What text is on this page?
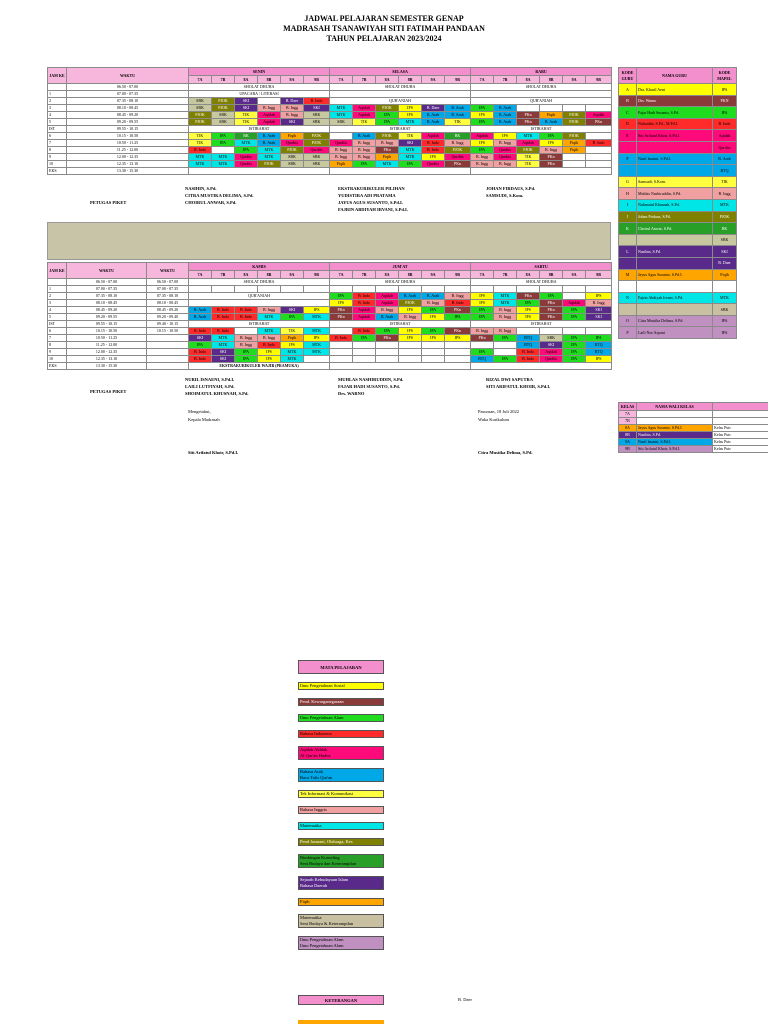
JADWAL PELAJARAN SEMESTER GENAP
MADRASAH TSANAWIYAH SITI FATIMAH PANDAAN
TAHUN PELAJARAN 2023/2024
JAM KE	WAKTU	SENIN						SELASA						RABU					
		7A	7B	8A	8B	9A	9B	7A	7B	8A	8B	9A	9B	7A	7B	8A	8B	9A	9B
	06.50 - 07.00	SHOLAT DHUHA						SHOLAT DHUHA						SHOLAT DHUHA					
1	07.00 - 07.35	UPACARA / LITERASI																	
2	07.35 - 08.10	SBK	PJOK	SKI		B. Daer	B. Indo	QUR'ANIAH						QUR'ANIAH					
3	08.10 - 08.45	SBK	PJOK	SKI	B. Ingg	B. Ingg	SKI	MTK	Aqidah	PJOK	IPS	B. Daer	B. Arab	IPA	B. Arab				
4	08.45 - 09.20	PJOK	SBK	TIK	Aqidah	B. Ingg	SBK	MTK	Aqidah	IPA	IPS	B. Arab	B. Arab	IPS	B. Arab	PKn	Fiqih	PJOK	Aqidah
5	09.20 - 09.55	PJOK	SBK	TIK	Aqidah	SKI	SBK	SBK	TIK	IPA	MTK	B. Arab	TIK	IPA	B. Arab	PKn	B. Arab	PJOK	PKn
IST	09.55 - 10.15	ISTIRAHAT						ISTIRAHAT						ISTIRAHAT					
6	10.15 - 10.50	TIK	IPA	BK	B. Arab	Fiqih	PJOK		B. Arab	PJOK	TIK	Aqidah	BK	Aqidah	IPS	MTK	IPA	PJOK	
7	10.50 - 11.25	TIK	IPA	MTK	B. Arab	Qurdits	PJOK	Qurdits	B. Ingg	B. Ingg	SKI	B. Indo	B. Ingg	IPS	B. Ingg	Aqidah	IPS	Fiqih	B. Indo
8	11.25 - 12.00	B. Indo		IPA	MTK	PJOK	Qurdits	B. Ingg	B. Ingg	PKn	MTK	B. Indo	PJOK	IPA	Qurdits	PJOK	B. Ingg	Fiqih	
9	12.00 - 12.35	MTK	MTK	Qurdits	MTK	SBK	SBK	B. Ingg	B. Ingg	Fiqih	MTK	IPS	Qurdits	B. Ingg	Qurdits	TIK	PKn		
10	12.35 - 13.10	MTK	MTK	Qurdits	PJOK	SBK	SBK	Fiqih	IPA	MTK	IPA	Qurdits	PKn	B. Ingg	B. Ingg	TIK	PKn		
EKS	13.30 - 15.30																		
PETUGAS PIKET
NASIHIN, S.Pd.	EKSTRAKURIKULER PILIHAN	JOHAN FIRDAUS, S.Pd.
CITRA MUSTIKA DELIMA, S.Pd.	YUDISTIRA ADI PRATAMA	SAMSUDI, S.Kom.
CHOIRUL ANWAR, S.Pd.	JAYUS AGUS SUSANTO, S.Pd.I.
FAJRIN ABDIYAH IRVANI, S.Pd.I.
JAM KE	WAKTU	WAKTU	KAMIS						JUM'AT						SABTU					
			7A	7B	8A	8B	9A	9B	7A	7B	8A	8B	9A	9B	7A	7B	8A	8B	9A	9B
	06.50 - 07.00	06.50 - 07.00	SHOLAT DHUHA						SHOLAT DHUHA						SHOLAT DHUHA					
1	07.00 - 07.35	07.00 - 07.35																		
2	07.35 - 08.10	07.35 - 08.10	QUR'ANIAH						IPA	B. Indo	Aqidah	B. Arab	B. Arab	B. Ingg	IPS	MTK	PKn	IPA		IPS
3	08.10 - 08.45	08.10 - 08.45							IPS	B. Indo	Aqidah	PJOK	B. Ingg	B. Indo	IPS	MTK	IPA	PKn	Aqidah	B. Ingg
4	08.45 - 09.20	08.45 - 09.20	B. Arab	B. Indo	B. Indo	B. Ingg	SKI	IPS	PKn	Aqidah	B. Ingg	IPS	IPA	PKn	IPA	B. Ingg	IPS	PKn	IPA	SKI
5	09.20 - 09.55	09.20 - 09.40	B. Arab	B. Indo	B. Indo	MTK	IPA	MTK	PKn	Aqidah	B. Arab	B. Ingg	IPS	IPA	IPA	B. Ingg	IPS	PKn	IPA	SKI
IST	09.55 - 10.15	09.40 - 10.15	ISTIRAHAT						ISTIRAHAT						ISTIRAHAT					
6	10.15 - 10.50	10.15 - 10.50	B. Indo	B. Indo		MTK	TIK	MTK		B. Indo	IPA	IPS	IPA	PKn	B. Ingg	B. Ingg				
7	10.50 - 11.25		SKI	MTK	B. Ingg	B. Ingg	Fiqih	IPS	B. Indo	IPA	PKn	IPS	IPS	IPS	PKn	IPA	BTQ	SBK	IPA	IPA
8	11.25 - 12.00		IPA	MTK	B. Ingg	B. Indo	IPS	MTK									BTQ	SKI	IPA	BTQ
9	12.00 - 12.35		B. Indo	SKI	IPA	IPS	MTK	MTK							IPA		B. Indo	Aqidah	IPA	BTQ
10	12.35 - 13.10		B. Indo	SKI	IPA	IPS	MTK								BTQ	IPA	B. Indo	Qurdits	IPA	IPS
EKS	13.30 - 15.30		EKSTRAKURIKULER WAJIB (PRAMUKA)																	
PETUGAS PIKET
NURIL ISNAENI, S.Pd.I.	MUHLAS NASHIRUDDIN, S.Pd.	RIZAL DWI SAPUTRA
LAILI LUTFIYAH, S.Pd.	FAJAR HADI SUSANTO, S.Pd.	SITI ARIFATUL KHOIR, S.Pd.I.
SHOIMATUL KHUSNAH, S.Pd.	Drs. WARNO
Mengetahui,
Kepala Madrasah
Siti Arifatul Khoir, S.Pd.I.
Pasuruan, 18 Juli 2022
Waka Kurikulum
Citra Mustika Delima, S.Pd.
KODE GURU	NAMA GURU	KODE MAPEL
A	Dra. Khuril Aeni	IPS
B	Drs. Warno	PKN
C	Fajar Hadi Susanto, S.Pd.	IPA
D	Nuhaidah, S.Pd., M.Pd.I.	B. Indo
E	Siti Arifatul Khoir, S.Pd.I.	Aqidah
		Qurdits
F	Nuril Isnaini, S.Pd.I.	B. Arab
		BTQ
G	Samsudi, S.Kom.	TIK
H	Muhlas Nashiruddin, S.Pd.	B. Ingg
I	Nuhmatul Khusnah, S.Pd.	MTK
J	Johan Firdaus, S.Pd.	PJOK
K	Choirul Anwar, S.Pd.	BK
		SBK
L	Nasihin, S.Pd.	SKI
		B. Daer
M	Jayus Agus Susanto, S.Pd.I.	Fiqih

N	Fajrin Abdiyah Irvani, S.Pd.	MTK
		SBK
O	Citra Mustika Delima, S.Pd.	IPA
P	Laili Nur Aqsani	IPA
KELAS	NAMA WALI KELAS	
7A		
7B		
8A	Jayus Agus Susanto, S.Pd.I.	Kelas Putr
8B	Nasihin, S.Pd.	Kelas Putr
9A	Nuril Isnaini, S.Pd.I.	Kelas Putr
9B	Siti Arifatul Khoir, S.Pd.I.	Kelas Putr
MATA PELAJARAN
Ilmu Pengetahuan Sosial
Pend. Kewarganegaraan
Ilmu Pengetahuan Alam
Bahasa Indonesia
Aqidah Akhlak
Al Qur'an Hadits
Bahasa Arab
Baca Tulis Qur'an
Tek Informasi & Komunikasi
Bahasa Inggris
Matematika
Pend Jasmani, Olahraga, Kes
Bimbingan Konseling
Seni Budaya dan Keterampilan
Sejarah Kebudayaan Islam
Bahasa Daerah
Fiqih
Matematika
Seni Budaya & Keterampilan
Ilmu Pengetahuan Alam
Ilmu Pengetahuan Alam
KETERANGAN	B. Daer
